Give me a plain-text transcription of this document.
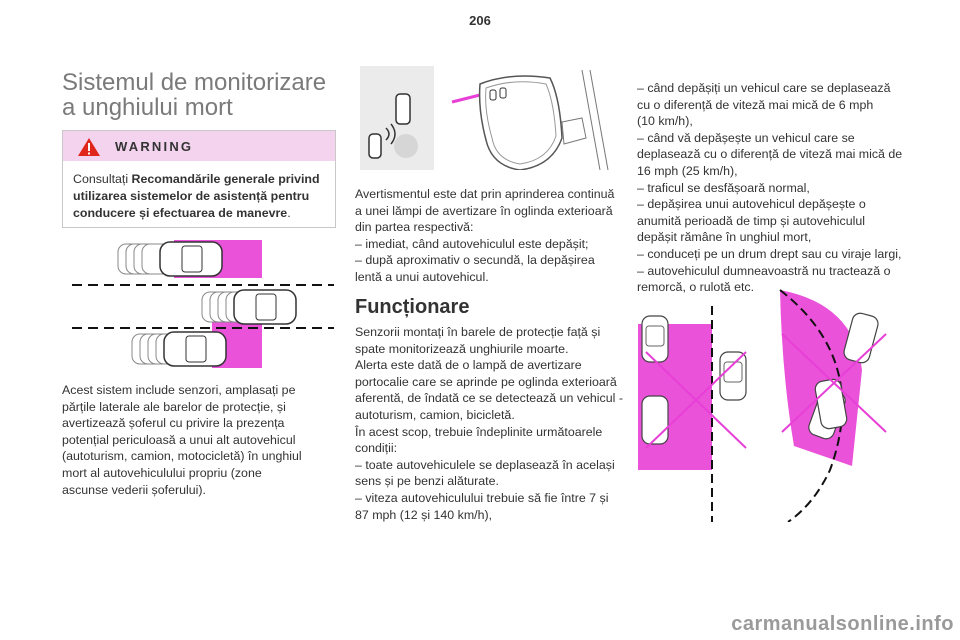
206
Sistemul de monitorizare
a unghiului mort
WARNING
Consultați Recomandările generale privind utilizarea sistemelor de asistență pentru conducere și efectuarea de manevre.
Acest sistem include senzori, amplasați pe
părțile laterale ale barelor de protecție, și
avertizează șoferul cu privire la prezența
potențial periculoasă a unui alt autovehicul
(autoturism, camion, motocicletă) în unghiul
mort al autovehiculului propriu (zone
ascunse vederii șoferului).
Avertismentul este dat prin aprinderea continuă
a unei lămpi de avertizare în oglinda exterioară
din partea respectivă:
– imediat, când autovehiculul este depășit;
– după aproximativ o secundă, la depășirea
lentă a unui autovehicul.
Funcționare
Senzorii montați în barele de protecție față și
spate monitorizează unghiurile moarte.
Alerta este dată de o lampă de avertizare
portocalie care se aprinde pe oglinda exterioară
aferentă, de îndată ce se detectează un vehicul -
autoturism, camion, bicicletă.
În acest scop, trebuie îndeplinite următoarele
condiții:
– toate autovehiculele se deplasează în același
sens și pe benzi alăturate.
– viteza autovehiculului trebuie să fie între 7 și
87 mph (12 și 140 km/h),
– când depășiți un vehicul care se deplasează
cu o diferență de viteză mai mică de 6 mph
(10 km/h),
– când vă depășește un vehicul care se
deplasează cu o diferență de viteză mai mică de
16 mph (25 km/h),
– traficul se desfășoară normal,
– depășirea unui autovehicul depășește o
anumită perioadă de timp și autovehiculul
depășit rămâne în unghiul mort,
– conduceți pe un drum drept sau cu viraje largi,
– autovehiculul dumneavoastră nu tractează o
remorcă, o rulotă etc.
carmanualsonline.info
